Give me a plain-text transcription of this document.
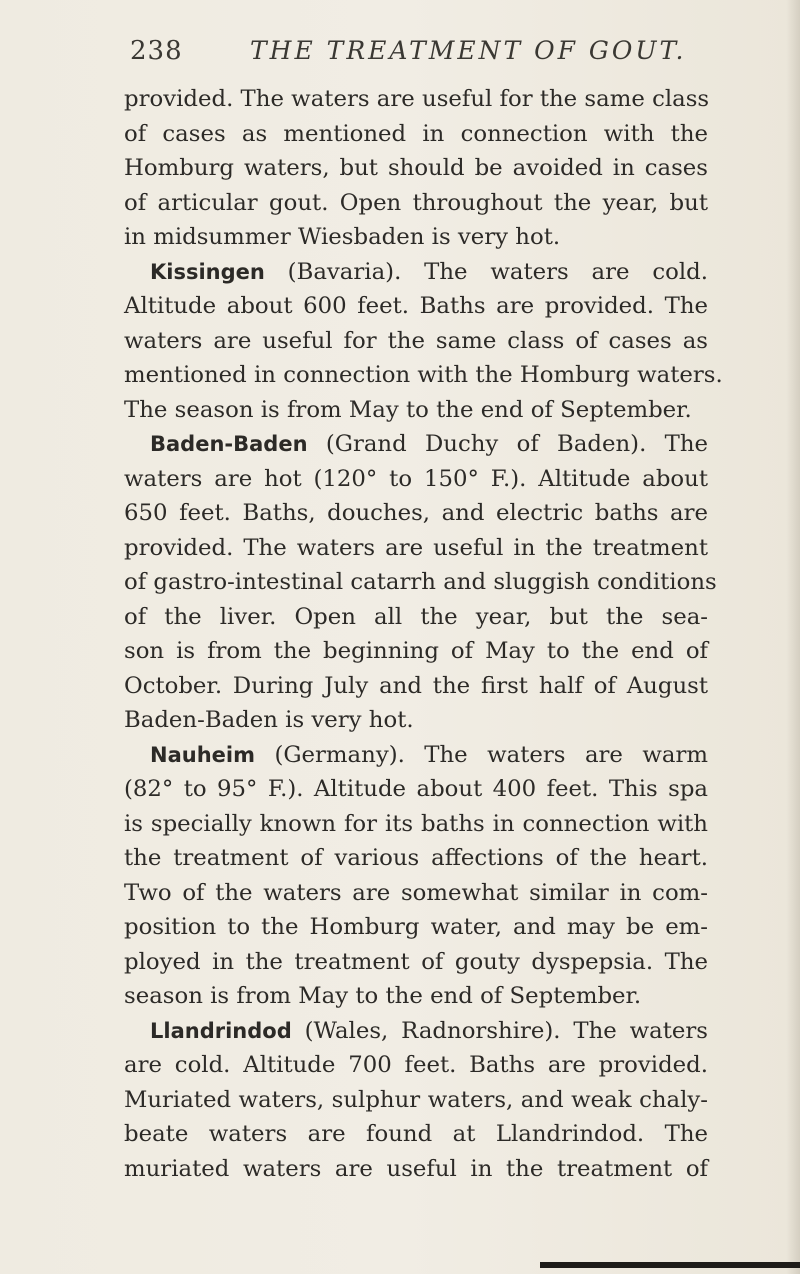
238	THE TREATMENT OF GOUT.
provided. The waters are useful for the same class
of cases as mentioned in connection with the
Homburg waters, but should be avoided in cases
of articular gout. Open throughout the year, but
in midsummer Wiesbaden is very hot.
Kissingen (Bavaria). The waters are cold.
Altitude about 600 feet. Baths are provided. The
waters are useful for the same class of cases as
mentioned in connection with the Homburg waters.
The season is from May to the end of September.
Baden-Baden (Grand Duchy of Baden). The
waters are hot (120° to 150° F.). Altitude about
650 feet. Baths, douches, and electric baths are
provided. The waters are useful in the treatment
of gastro-intestinal catarrh and sluggish conditions
of the liver. Open all the year, but the sea-
son is from the beginning of May to the end of
October. During July and the first half of August
Baden-Baden is very hot.
Nauheim (Germany). The waters are warm
(82° to 95° F.). Altitude about 400 feet. This spa
is specially known for its baths in connection with
the treatment of various affections of the heart.
Two of the waters are somewhat similar in com-
position to the Homburg water, and may be em-
ployed in the treatment of gouty dyspepsia. The
season is from May to the end of September.
Llandrindod (Wales, Radnorshire). The waters
are cold. Altitude 700 feet. Baths are provided.
Muriated waters, sulphur waters, and weak chaly-
beate waters are found at Llandrindod. The
muriated waters are useful in the treatment of
